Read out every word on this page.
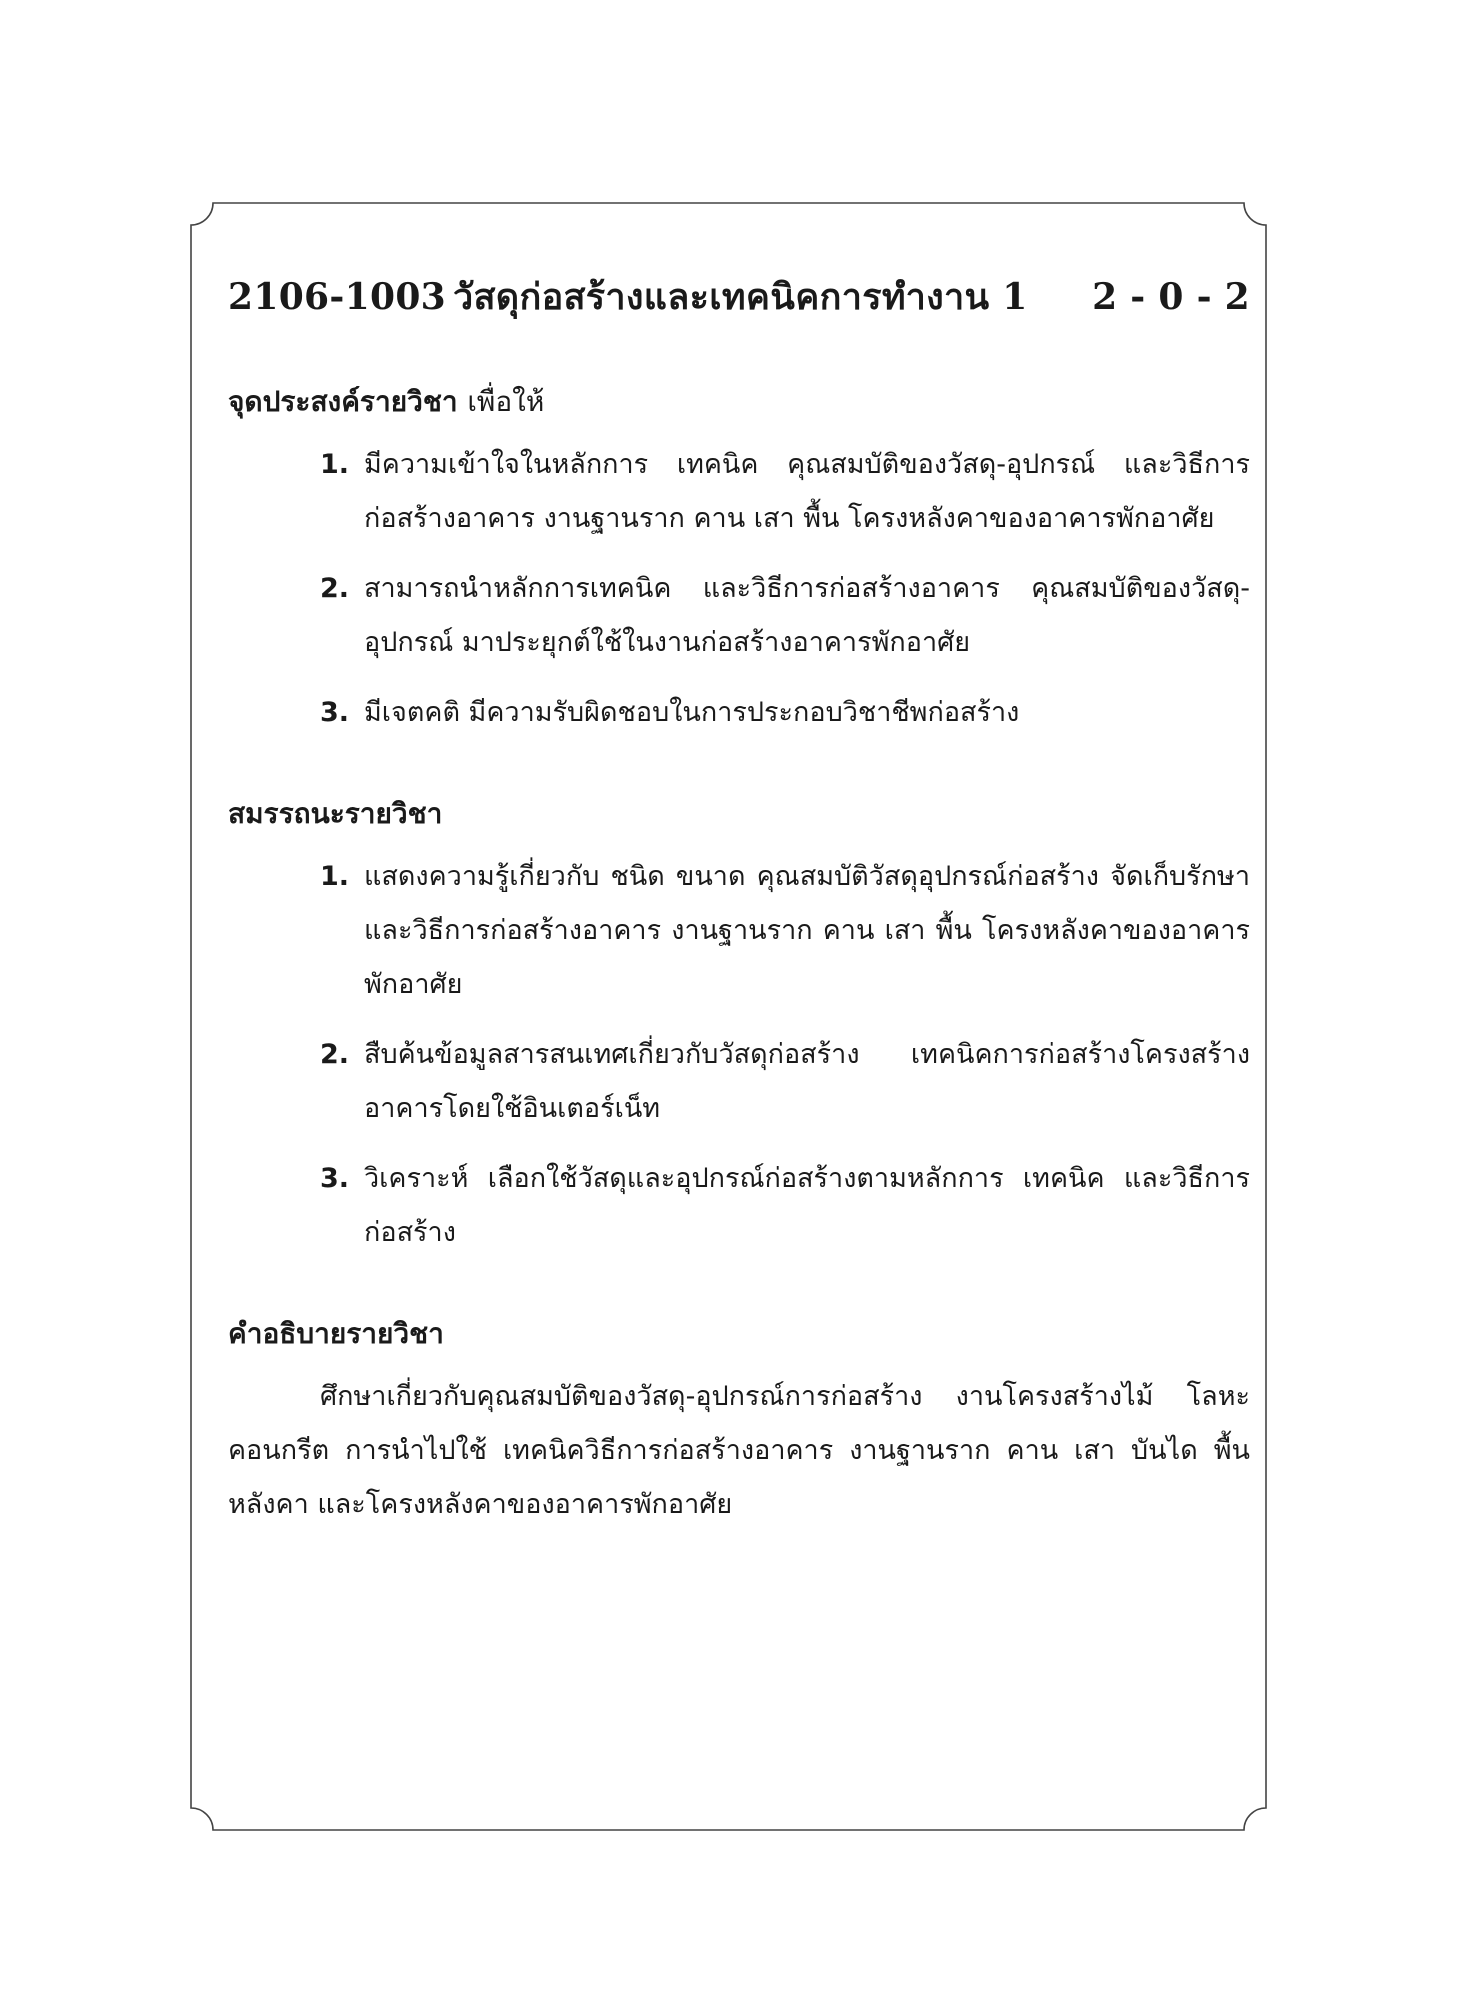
2106-1003 วัสดุก่อสร้างและเทคนิคการทำงาน 1	2 - 0 - 2
จุดประสงค์รายวิชา เพื่อให้
1. มีความเข้าใจในหลักการ เทคนิค คุณสมบัติของวัสดุ-อุปกรณ์ และวิธีการก่อสร้างอาคาร งานฐานราก คาน เสา พื้น โครงหลังคาของอาคารพักอาศัย
2. สามารถนำหลักการเทคนิค และวิธีการก่อสร้างอาคาร คุณสมบัติของวัสดุ-อุปกรณ์ มาประยุกต์ใช้ในงานก่อสร้างอาคารพักอาศัย
3. มีเจตคติ มีความรับผิดชอบในการประกอบวิชาชีพก่อสร้าง
สมรรถนะรายวิชา
1. แสดงความรู้เกี่ยวกับ ชนิด ขนาด คุณสมบัติวัสดุอุปกรณ์ก่อสร้าง จัดเก็บรักษา และวิธีการก่อสร้างอาคาร งานฐานราก คาน เสา พื้น โครงหลังคาของอาคารพักอาศัย
2. สืบค้นข้อมูลสารสนเทศเกี่ยวกับวัสดุก่อสร้าง เทคนิคการก่อสร้างโครงสร้างอาคารโดยใช้อินเตอร์เน็ท
3. วิเคราะห์ เลือกใช้วัสดุและอุปกรณ์ก่อสร้างตามหลักการ เทคนิค และวิธีการก่อสร้าง
คำอธิบายรายวิชา

ศึกษาเกี่ยวกับคุณสมบัติของวัสดุ-อุปกรณ์การก่อสร้าง งานโครงสร้างไม้ โลหะ คอนกรีต การนำไปใช้ เทคนิควิธีการก่อสร้างอาคาร งานฐานราก คาน เสา บันได พื้น หลังคา และโครงหลังคาของอาคารพักอาศัย
